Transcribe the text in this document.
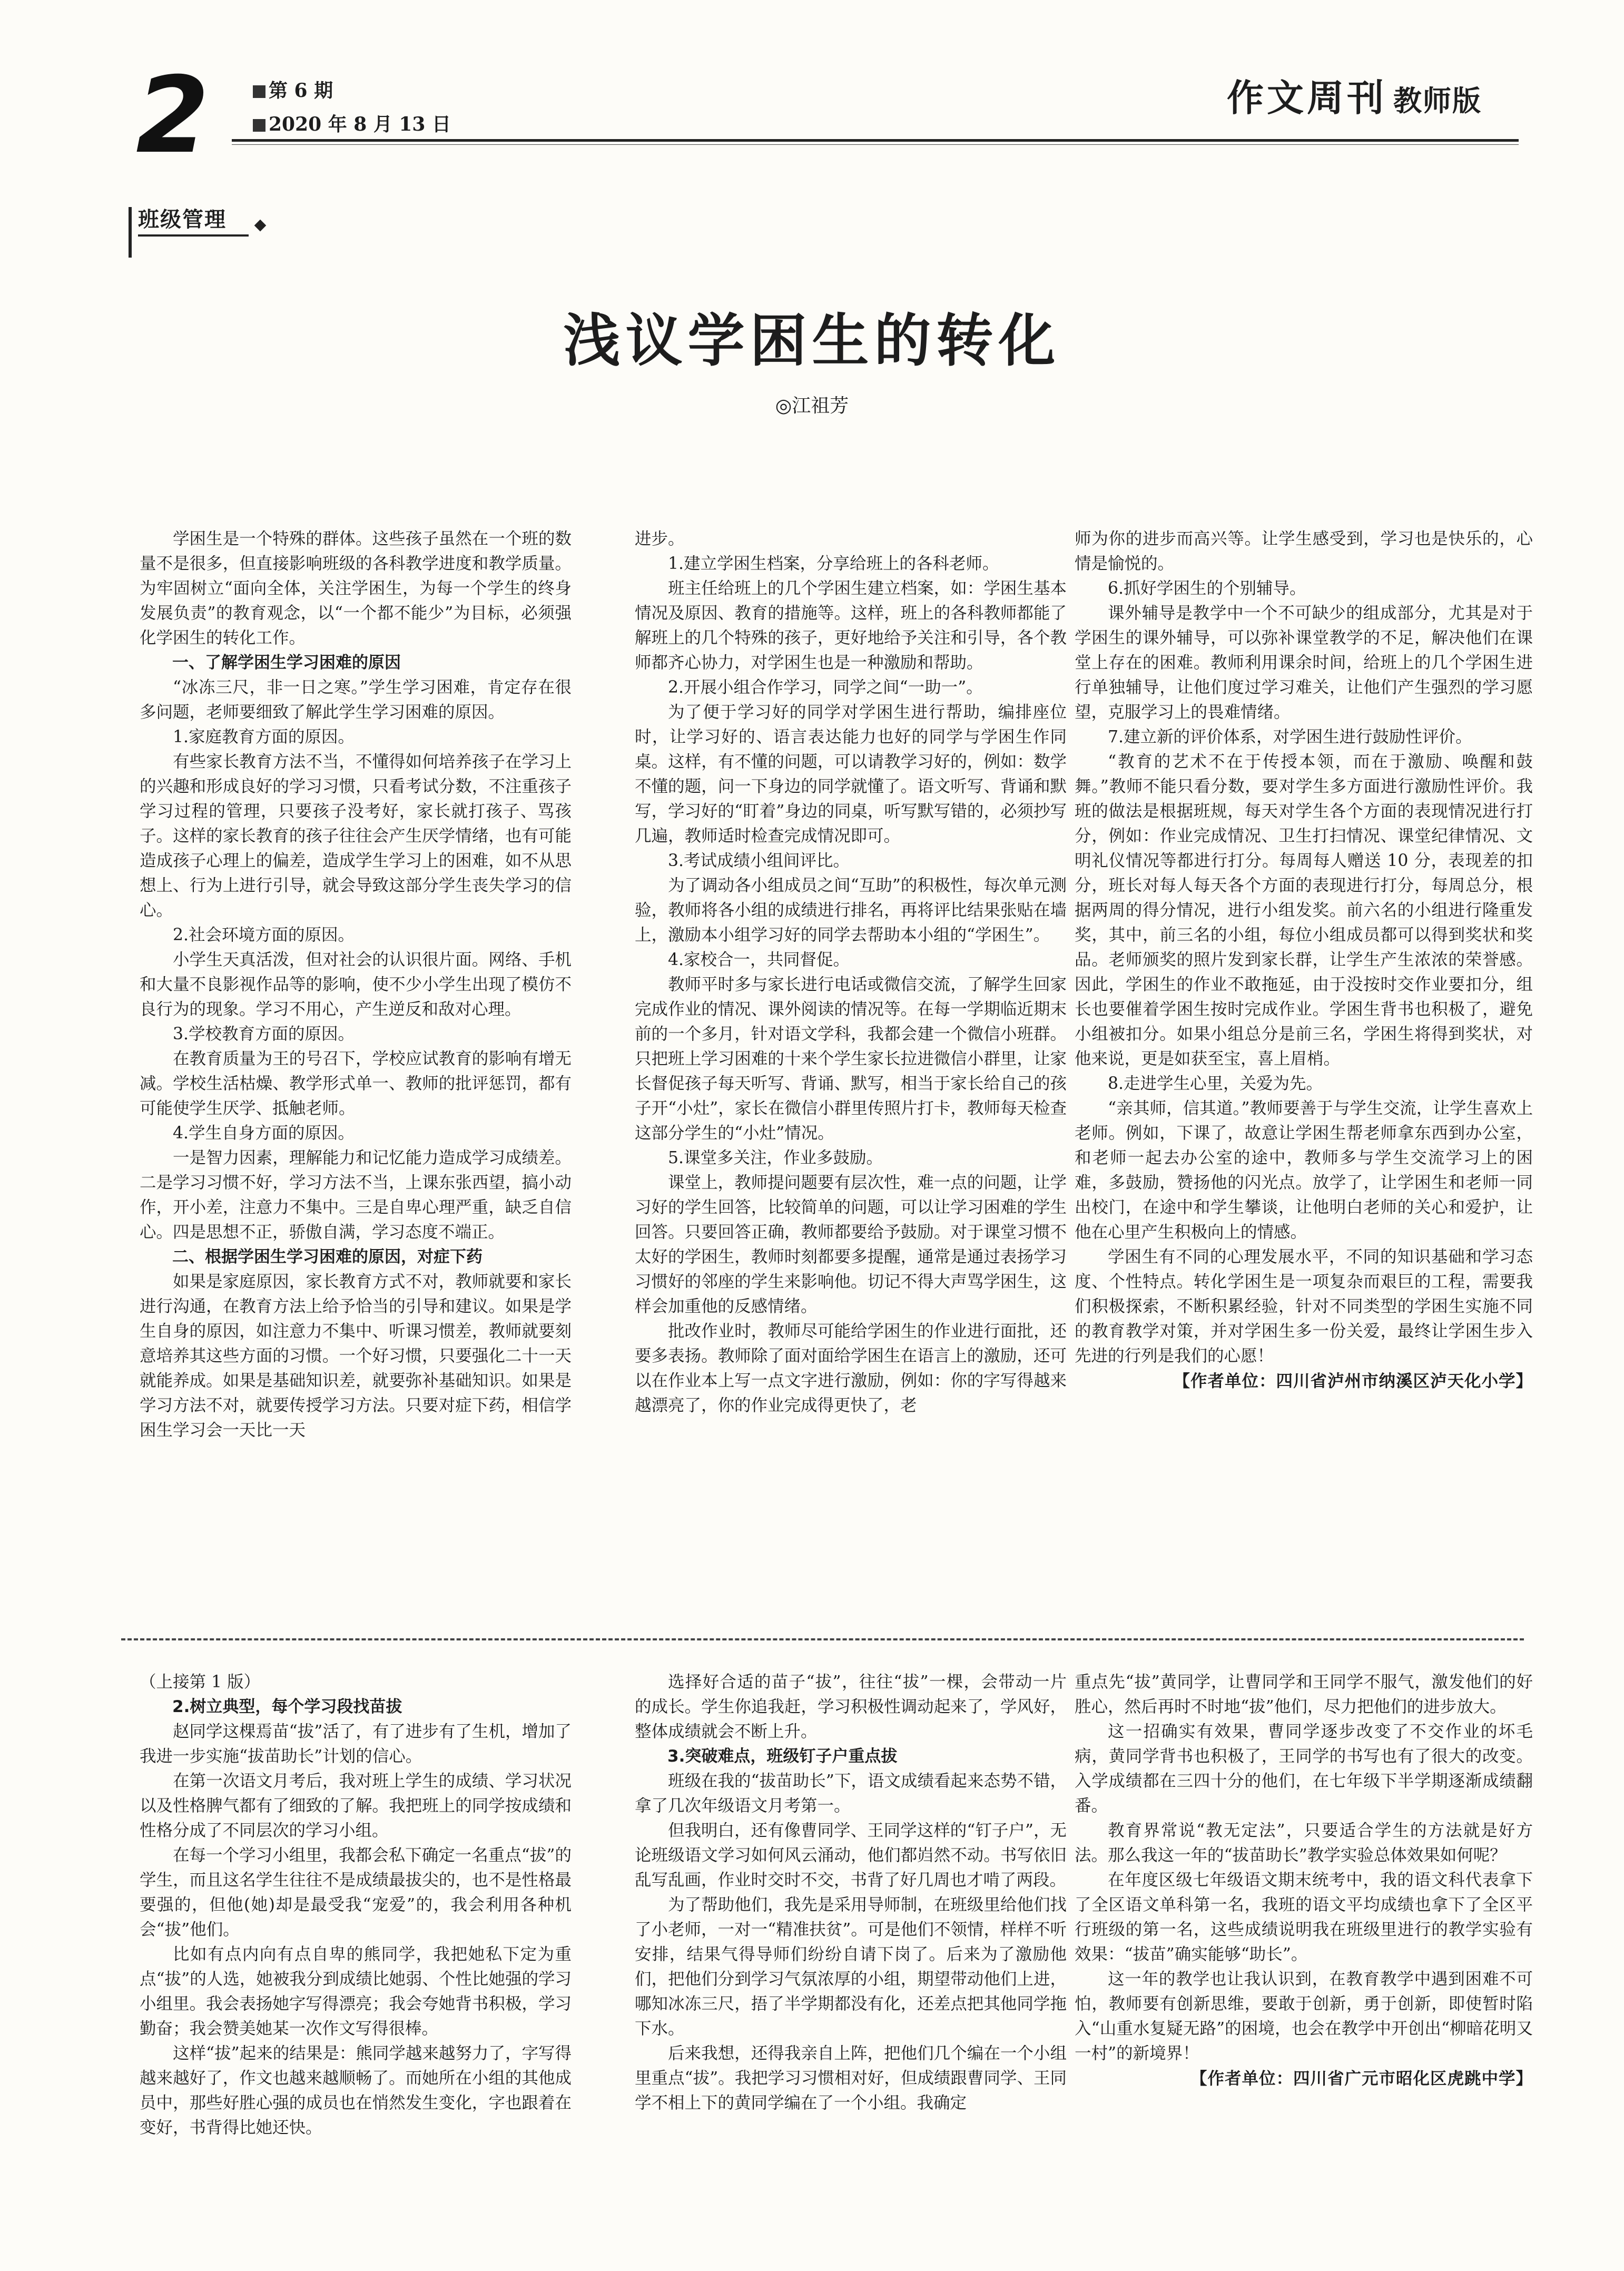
2	第 6 期
2020 年 8 月 13 日
作文周刊 教师版
班级管理
浅议学困生的转化
◎江祖芳

学困生是一个特殊的群体。这些孩子虽然在一个班的数量不是很多，但直接影响班级的各科教学进度和教学质量。为牢固树立“面向全体，关注学困生，为每一个学生的终身发展负责”的教育观念，以“一个都不能少”为目标，必须强化学困生的转化工作。

一、了解学困生学习困难的原因

“冰冻三尺，非一日之寒。”学生学习困难，肯定存在很多问题，老师要细致了解此学生学习困难的原因。

1.家庭教育方面的原因。

有些家长教育方法不当，不懂得如何培养孩子在学习上的兴趣和形成良好的学习习惯，只看考试分数，不注重孩子学习过程的管理，只要孩子没考好，家长就打孩子、骂孩子。这样的家长教育的孩子往往会产生厌学情绪，也有可能造成孩子心理上的偏差，造成学生学习上的困难，如不从思想上、行为上进行引导，就会导致这部分学生丧失学习的信心。

2.社会环境方面的原因。

小学生天真活泼，但对社会的认识很片面。网络、手机和大量不良影视作品等的影响，使不少小学生出现了模仿不良行为的现象。学习不用心，产生逆反和敌对心理。

3.学校教育方面的原因。

在教育质量为王的号召下，学校应试教育的影响有增无减。学校生活枯燥、教学形式单一、教师的批评惩罚，都有可能使学生厌学、抵触老师。

4.学生自身方面的原因。

一是智力因素，理解能力和记忆能力造成学习成绩差。二是学习习惯不好，学习方法不当，上课东张西望，搞小动作，开小差，注意力不集中。三是自卑心理严重，缺乏自信心。四是思想不正，骄傲自满，学习态度不端正。

二、根据学困生学习困难的原因，对症下药

如果是家庭原因，家长教育方式不对，教师就要和家长进行沟通，在教育方法上给予恰当的引导和建议。如果是学生自身的原因，如注意力不集中、听课习惯差，教师就要刻意培养其这些方面的习惯。一个好习惯，只要强化二十一天就能养成。如果是基础知识差，就要弥补基础知识。如果是学习方法不对，就要传授学习方法。只要对症下药，相信学困生学习会一天比一天

进步。

1.建立学困生档案，分享给班上的各科老师。

班主任给班上的几个学困生建立档案，如：学困生基本情况及原因、教育的措施等。这样，班上的各科教师都能了解班上的几个特殊的孩子，更好地给予关注和引导，各个教师都齐心协力，对学困生也是一种激励和帮助。

2.开展小组合作学习，同学之间“一助一”。

为了便于学习好的同学对学困生进行帮助，编排座位时，让学习好的、语言表达能力也好的同学与学困生作同桌。这样，有不懂的问题，可以请教学习好的，例如：数学不懂的题，问一下身边的同学就懂了。语文听写、背诵和默写，学习好的“盯着”身边的同桌，听写默写错的，必须抄写几遍，教师适时检查完成情况即可。

3.考试成绩小组间评比。

为了调动各小组成员之间“互助”的积极性，每次单元测验，教师将各小组的成绩进行排名，再将评比结果张贴在墙上，激励本小组学习好的同学去帮助本小组的“学困生”。

4.家校合一，共同督促。

教师平时多与家长进行电话或微信交流，了解学生回家完成作业的情况、课外阅读的情况等。在每一学期临近期末前的一个多月，针对语文学科，我都会建一个微信小班群。只把班上学习困难的十来个学生家长拉进微信小群里，让家长督促孩子每天听写、背诵、默写，相当于家长给自己的孩子开“小灶”，家长在微信小群里传照片打卡，教师每天检查这部分学生的“小灶”情况。

5.课堂多关注，作业多鼓励。

课堂上，教师提问题要有层次性，难一点的问题，让学习好的学生回答，比较简单的问题，可以让学习困难的学生回答。只要回答正确，教师都要给予鼓励。对于课堂习惯不太好的学困生，教师时刻都要多提醒，通常是通过表扬学习习惯好的邻座的学生来影响他。切记不得大声骂学困生，这样会加重他的反感情绪。

批改作业时，教师尽可能给学困生的作业进行面批，还要多表扬。教师除了面对面给学困生在语言上的激励，还可以在作业本上写一点文字进行激励，例如：你的字写得越来越漂亮了，你的作业完成得更快了，老

师为你的进步而高兴等。让学生感受到，学习也是快乐的，心情是愉悦的。

6.抓好学困生的个别辅导。

课外辅导是教学中一个不可缺少的组成部分，尤其是对于学困生的课外辅导，可以弥补课堂教学的不足，解决他们在课堂上存在的困难。教师利用课余时间，给班上的几个学困生进行单独辅导，让他们度过学习难关，让他们产生强烈的学习愿望，克服学习上的畏难情绪。

7.建立新的评价体系，对学困生进行鼓励性评价。

“教育的艺术不在于传授本领，而在于激励、唤醒和鼓舞。”教师不能只看分数，要对学生多方面进行激励性评价。我班的做法是根据班规，每天对学生各个方面的表现情况进行打分，例如：作业完成情况、卫生打扫情况、课堂纪律情况、文明礼仪情况等都进行打分。每周每人赠送 10 分，表现差的扣分，班长对每人每天各个方面的表现进行打分，每周总分，根据两周的得分情况，进行小组发奖。前六名的小组进行隆重发奖，其中，前三名的小组，每位小组成员都可以得到奖状和奖品。老师颁奖的照片发到家长群，让学生产生浓浓的荣誉感。因此，学困生的作业不敢拖延，由于没按时交作业要扣分，组长也要催着学困生按时完成作业。学困生背书也积极了，避免小组被扣分。如果小组总分是前三名，学困生将得到奖状，对他来说，更是如获至宝，喜上眉梢。

8.走进学生心里，关爱为先。

“亲其师，信其道。”教师要善于与学生交流，让学生喜欢上老师。例如，下课了，故意让学困生帮老师拿东西到办公室，和老师一起去办公室的途中，教师多与学生交流学习上的困难，多鼓励，赞扬他的闪光点。放学了，让学困生和老师一同出校门，在途中和学生攀谈，让他明白老师的关心和爱护，让他在心里产生积极向上的情感。

学困生有不同的心理发展水平，不同的知识基础和学习态度、个性特点。转化学困生是一项复杂而艰巨的工程，需要我们积极探索，不断积累经验，针对不同类型的学困生实施不同的教育教学对策，并对学困生多一份关爱，最终让学困生步入先进的行列是我们的心愿！

【作者单位：四川省泸州市纳溪区泸天化小学】

（上接第 1 版）

2.树立典型，每个学习段找苗拔

赵同学这棵焉苗“拔”活了，有了进步有了生机，增加了我进一步实施“拔苗助长”计划的信心。

在第一次语文月考后，我对班上学生的成绩、学习状况以及性格脾气都有了细致的了解。我把班上的同学按成绩和性格分成了不同层次的学习小组。

在每一个学习小组里，我都会私下确定一名重点“拔”的学生，而且这名学生往往不是成绩最拔尖的，也不是性格最要强的，但他(她)却是最受我“宠爱”的，我会利用各种机会“拔”他们。

比如有点内向有点自卑的熊同学，我把她私下定为重点“拔”的人选，她被我分到成绩比她弱、个性比她强的学习小组里。我会表扬她字写得漂亮；我会夸她背书积极，学习勤奋；我会赞美她某一次作文写得很棒。

这样“拔”起来的结果是：熊同学越来越努力了，字写得越来越好了，作文也越来越顺畅了。而她所在小组的其他成员中，那些好胜心强的成员也在悄然发生变化，字也跟着在变好，书背得比她还快。

选择好合适的苗子“拔”，往往“拔”一棵，会带动一片的成长。学生你追我赶，学习积极性调动起来了，学风好，整体成绩就会不断上升。

3.突破难点，班级钉子户重点拔

班级在我的“拔苗助长”下，语文成绩看起来态势不错，拿了几次年级语文月考第一。

但我明白，还有像曹同学、王同学这样的“钉子户”，无论班级语文学习如何风云涌动，他们都岿然不动。书写依旧乱写乱画，作业时交时不交，书背了好几周也才啃了两段。

为了帮助他们，我先是采用导师制，在班级里给他们找了小老师，一对一“精准扶贫”。可是他们不领情，样样不听安排，结果气得导师们纷纷自请下岗了。后来为了激励他们，把他们分到学习气氛浓厚的小组，期望带动他们上进，哪知冰冻三尺，捂了半学期都没有化，还差点把其他同学拖下水。

后来我想，还得我亲自上阵，把他们几个编在一个小组里重点“拔”。我把学习习惯相对好，但成绩跟曹同学、王同学不相上下的黄同学编在了一个小组。我确定

重点先“拔”黄同学，让曹同学和王同学不服气，激发他们的好胜心，然后再时不时地“拔”他们，尽力把他们的进步放大。

这一招确实有效果，曹同学逐步改变了不交作业的坏毛病，黄同学背书也积极了，王同学的书写也有了很大的改变。入学成绩都在三四十分的他们，在七年级下半学期逐渐成绩翻番。

教育界常说“教无定法”，只要适合学生的方法就是好方法。那么我这一年的“拔苗助长”教学实验总体效果如何呢？

在年度区级七年级语文期末统考中，我的语文科代表拿下了全区语文单科第一名，我班的语文平均成绩也拿下了全区平行班级的第一名，这些成绩说明我在班级里进行的教学实验有效果：“拔苗”确实能够“助长”。

这一年的教学也让我认识到，在教育教学中遇到困难不可怕，教师要有创新思维，要敢于创新，勇于创新，即使暂时陷入“山重水复疑无路”的困境，也会在教学中开创出“柳暗花明又一村”的新境界！

【作者单位：四川省广元市昭化区虎跳中学】
